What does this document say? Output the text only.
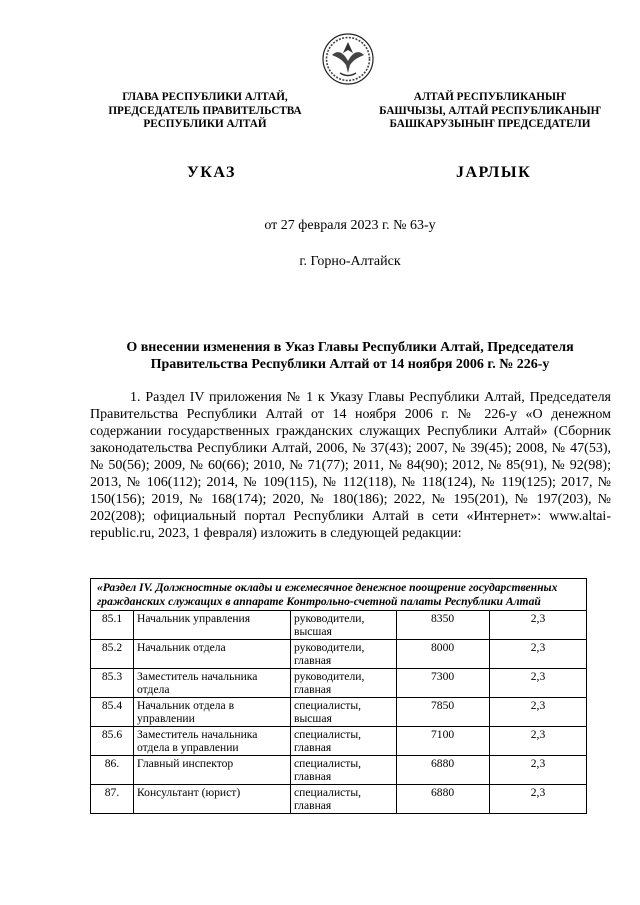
ГЛАВА РЕСПУБЛИКИ АЛТАЙ,
ПРЕДСЕДАТЕЛЬ ПРАВИТЕЛЬСТВА
РЕСПУБЛИКИ АЛТАЙ
АЛТАЙ РЕСПУБЛИКАНЫҤ
БАШЧЫЗЫ, АЛТАЙ РЕСПУБЛИКАНЫҤ
БАШКАРУЗЫНЫҤ ПРЕДСЕДАТЕЛИ
УКАЗ	JАРЛЫК
от 27 февраля 2023 г. № 63-у
г. Горно-Алтайск
О внесении изменения в Указ Главы Республики Алтай, Председателя Правительства Республики Алтай от 14 ноября 2006 г. № 226-у
1. Раздел IV приложения № 1 к Указу Главы Республики Алтай, Председателя Правительства Республики Алтай от 14 ноября 2006 г. № 226-у «О денежном содержании государственных гражданских служащих Республики Алтай» (Сборник законодательства Республики Алтай, 2006, № 37(43); 2007, № 39(45); 2008, № 47(53), № 50(56); 2009, № 60(66); 2010, № 71(77); 2011, № 84(90); 2012, № 85(91), № 92(98); 2013, № 106(112); 2014, № 109(115), № 112(118), № 118(124), № 119(125); 2017, № 150(156); 2019, № 168(174); 2020, № 180(186); 2022, № 195(201), № 197(203), № 202(208); официальный портал Республики Алтай в сети «Интернет»: www.altai-republic.ru, 2023, 1 февраля) изложить в следующей редакции:
«Раздел IV. Должностные оклады и ежемесячное денежное поощрение государственных гражданских служащих в аппарате Контрольно-счетной палаты Республики Алтай				
85.1	Начальник управления	руководители, высшая	8350	2,3
85.2	Начальник отдела	руководители, главная	8000	2,3
85.3	Заместитель начальника отдела	руководители, главная	7300	2,3
85.4	Начальник отдела в управлении	специалисты, высшая	7850	2,3
85.6	Заместитель начальника отдела в управлении	специалисты, главная	7100	2,3
86.	Главный инспектор	специалисты, главная	6880	2,3
87.	Консультант (юрист)	специалисты, главная	6880	2,3
